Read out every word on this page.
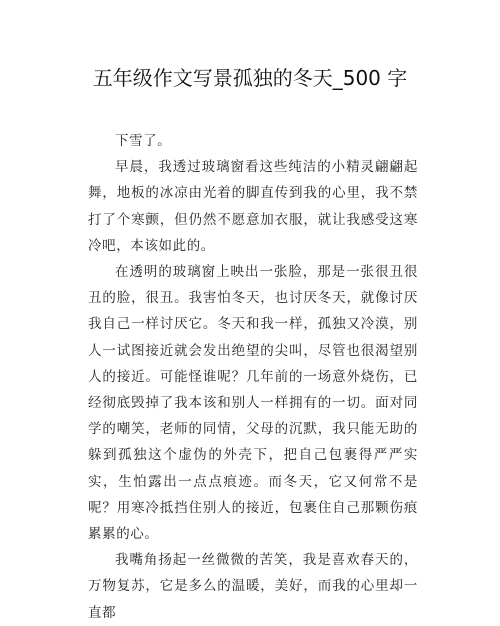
五年级作文写景孤独的冬天_500 字

下雪了。

早晨，我透过玻璃窗看这些纯洁的小精灵翩翩起舞，地板的冰凉由光着的脚直传到我的心里，我不禁打了个寒颤，但仍然不愿意加衣服，就让我感受这寒冷吧，本该如此的。

在透明的玻璃窗上映出一张脸，那是一张很丑很丑的脸，很丑。我害怕冬天，也讨厌冬天，就像讨厌我自己一样讨厌它。冬天和我一样，孤独又冷漠，别人一试图接近就会发出绝望的尖叫，尽管也很渴望别人的接近。可能怪谁呢？几年前的一场意外烧伤，已经彻底毁掉了我本该和别人一样拥有的一切。面对同学的嘲笑，老师的同情，父母的沉默，我只能无助的躲到孤独这个虚伪的外壳下，把自己包裹得严严实实，生怕露出一点点痕迹。而冬天，它又何常不是呢？用寒冷抵挡住别人的接近，包裹住自己那颗伤痕累累的心。

我嘴角扬起一丝微微的苦笑，我是喜欢春天的，万物复苏，它是多么的温暖，美好，而我的心里却一直都
